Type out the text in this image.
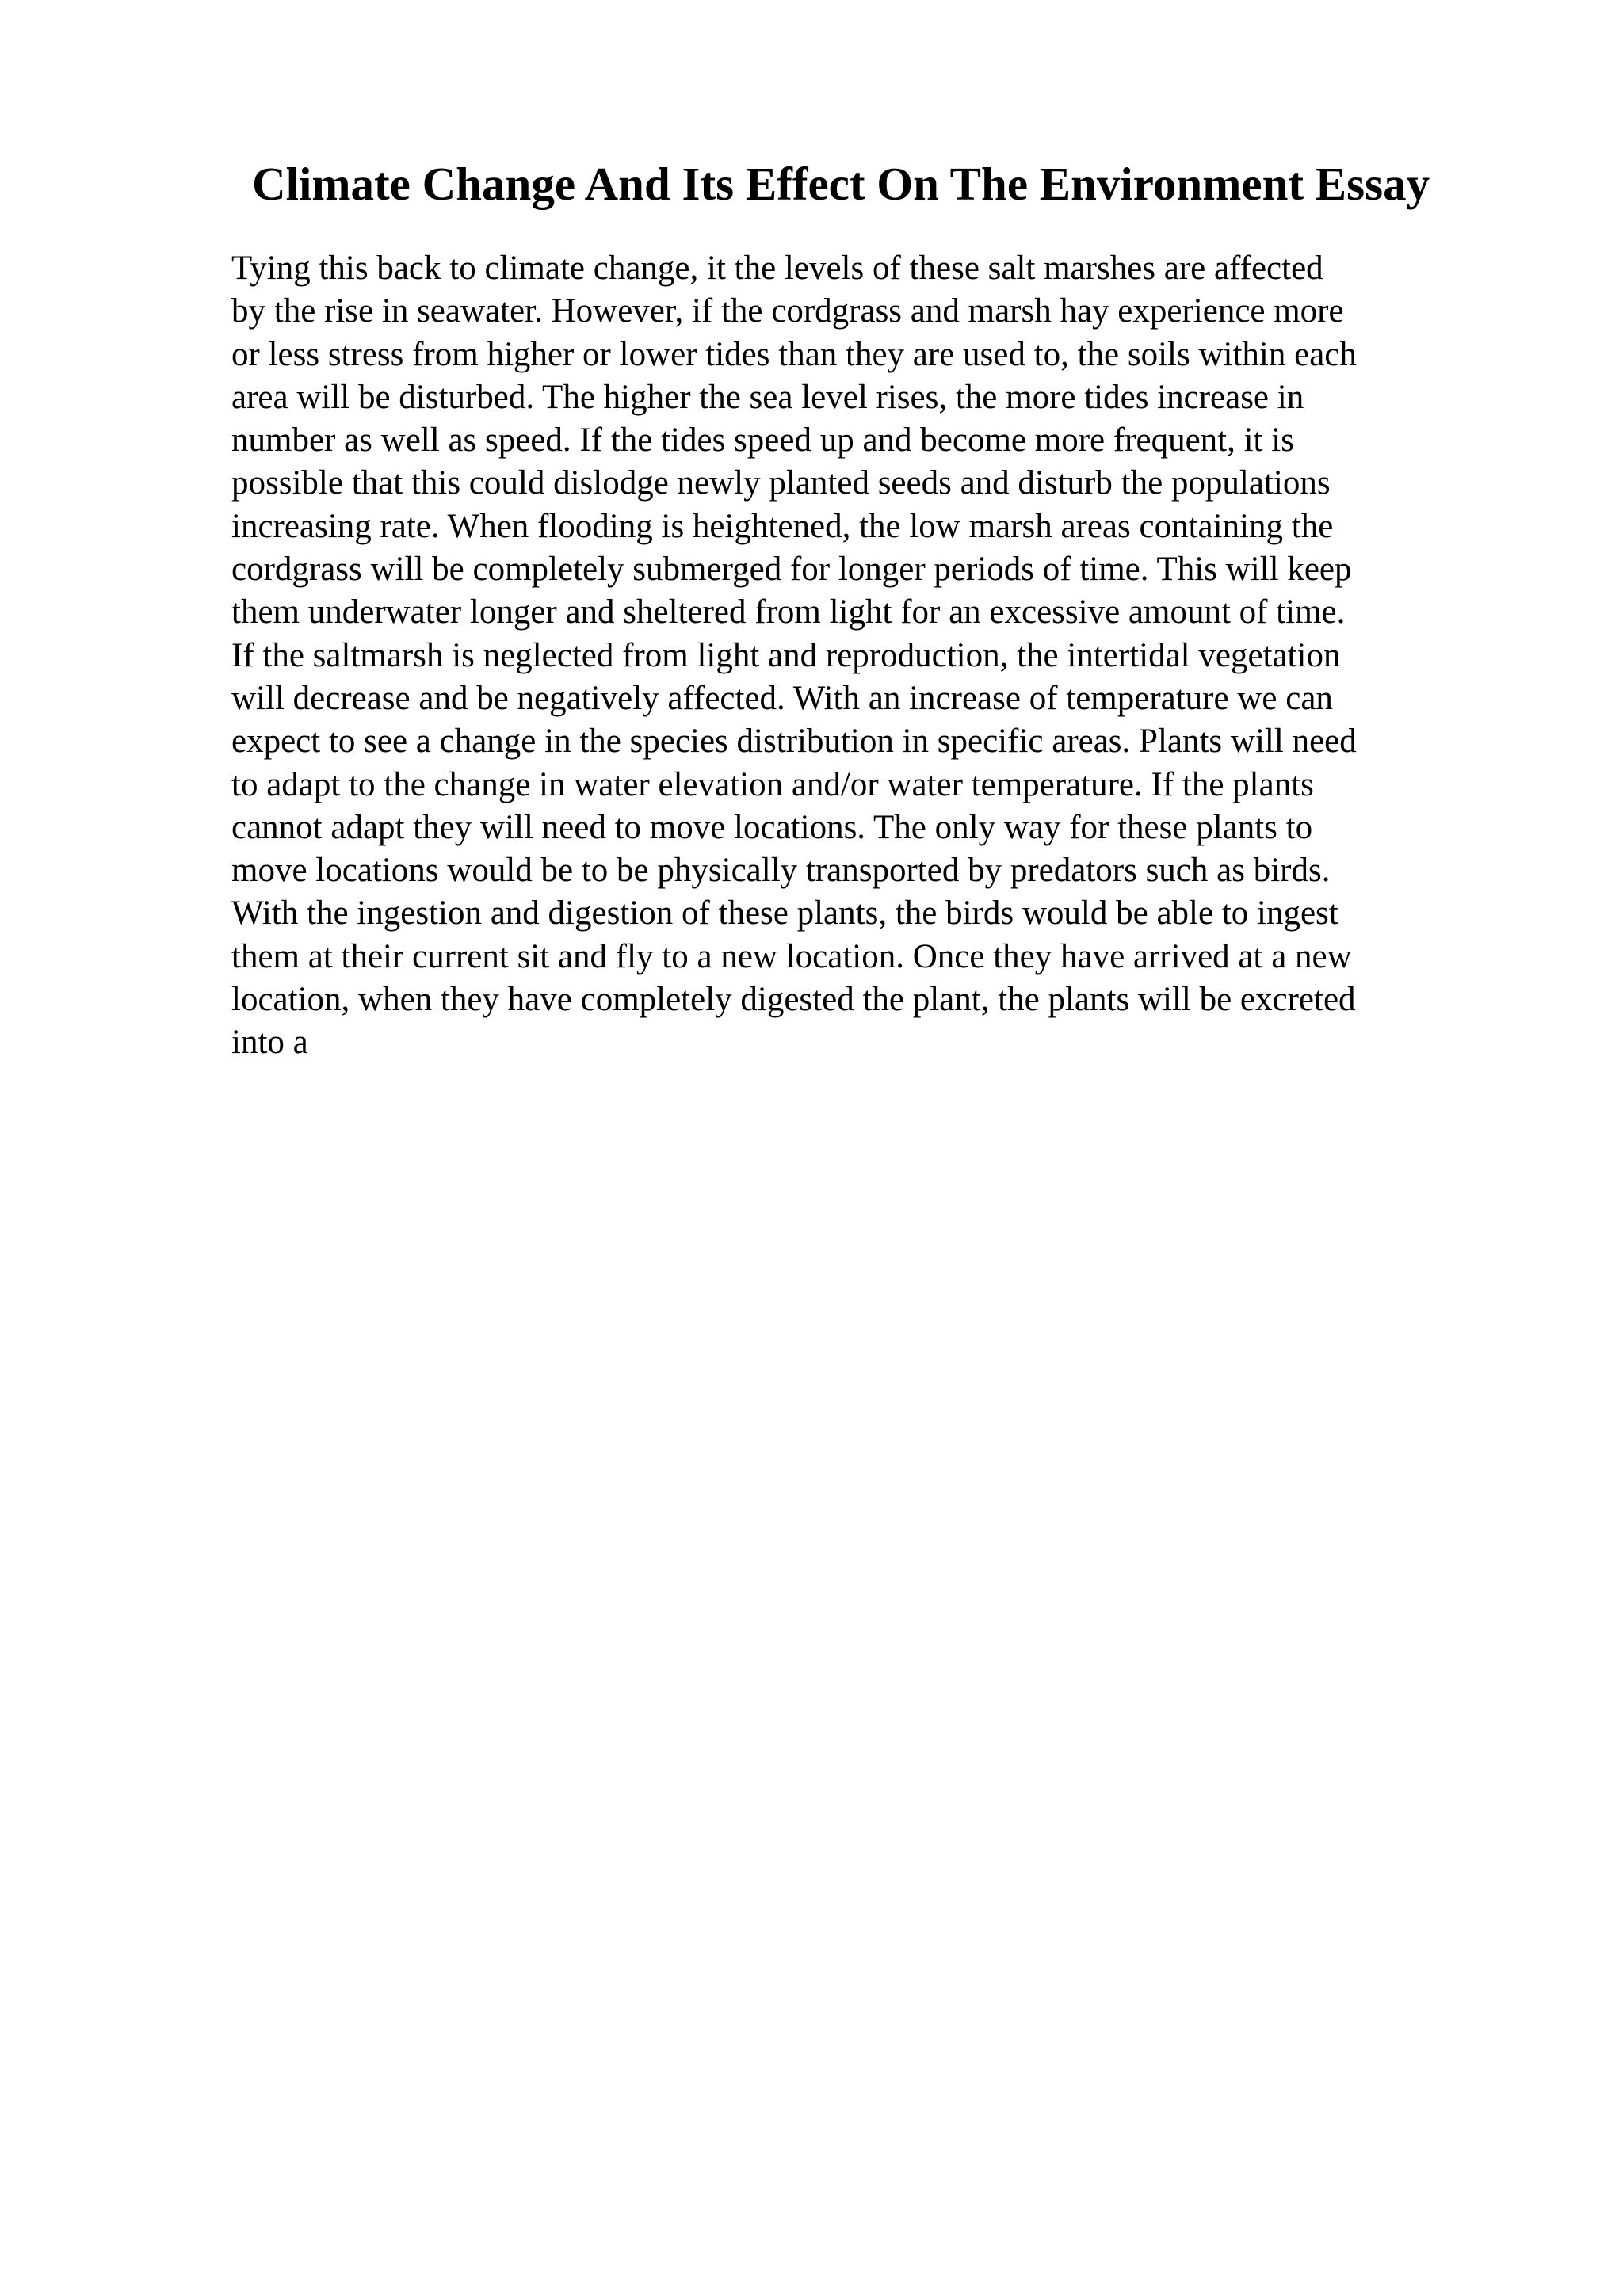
Climate Change And Its Effect On The Environment Essay
Tying this back to climate change, it the levels of these salt marshes are affected
by the rise in seawater. However, if the cordgrass and marsh hay experience more
or less stress from higher or lower tides than they are used to, the soils within each
area will be disturbed. The higher the sea level rises, the more tides increase in
number as well as speed. If the tides speed up and become more frequent, it is
possible that this could dislodge newly planted seeds and disturb the populations
increasing rate. When flooding is heightened, the low marsh areas containing the
cordgrass will be completely submerged for longer periods of time. This will keep
them underwater longer and sheltered from light for an excessive amount of time.
If the saltmarsh is neglected from light and reproduction, the intertidal vegetation
will decrease and be negatively affected. With an increase of temperature we can
expect to see a change in the species distribution in specific areas. Plants will need
to adapt to the change in water elevation and/or water temperature. If the plants
cannot adapt they will need to move locations. The only way for these plants to
move locations would be to be physically transported by predators such as birds.
With the ingestion and digestion of these plants, the birds would be able to ingest
them at their current sit and fly to a new location. Once they have arrived at a new
location, when they have completely digested the plant, the plants will be excreted
into a
